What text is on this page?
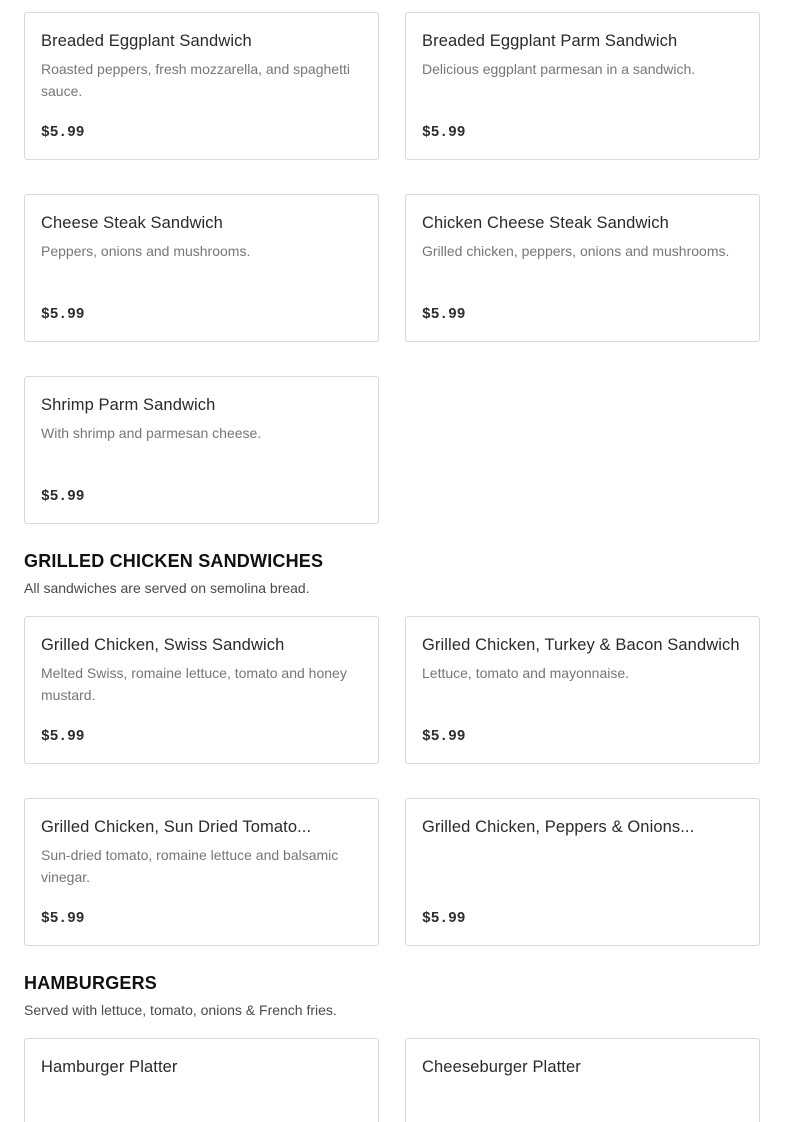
Breaded Eggplant Sandwich
Roasted peppers, fresh mozzarella, and spaghetti sauce.
$5.99
Breaded Eggplant Parm Sandwich
Delicious eggplant parmesan in a sandwich.
$5.99
Cheese Steak Sandwich
Peppers, onions and mushrooms.
$5.99
Chicken Cheese Steak Sandwich
Grilled chicken, peppers, onions and mushrooms.
$5.99
Shrimp Parm Sandwich
With shrimp and parmesan cheese.
$5.99
GRILLED CHICKEN SANDWICHES
All sandwiches are served on semolina bread.
Grilled Chicken, Swiss Sandwich
Melted Swiss, romaine lettuce, tomato and honey mustard.
$5.99
Grilled Chicken, Turkey & Bacon Sandwich
Lettuce, tomato and mayonnaise.
$5.99
Grilled Chicken, Sun Dried Tomato...
Sun-dried tomato, romaine lettuce and balsamic vinegar.
$5.99
Grilled Chicken, Peppers & Onions...
$5.99
HAMBURGERS
Served with lettuce, tomato, onions & French fries.
Hamburger Platter	Cheeseburger Platter
